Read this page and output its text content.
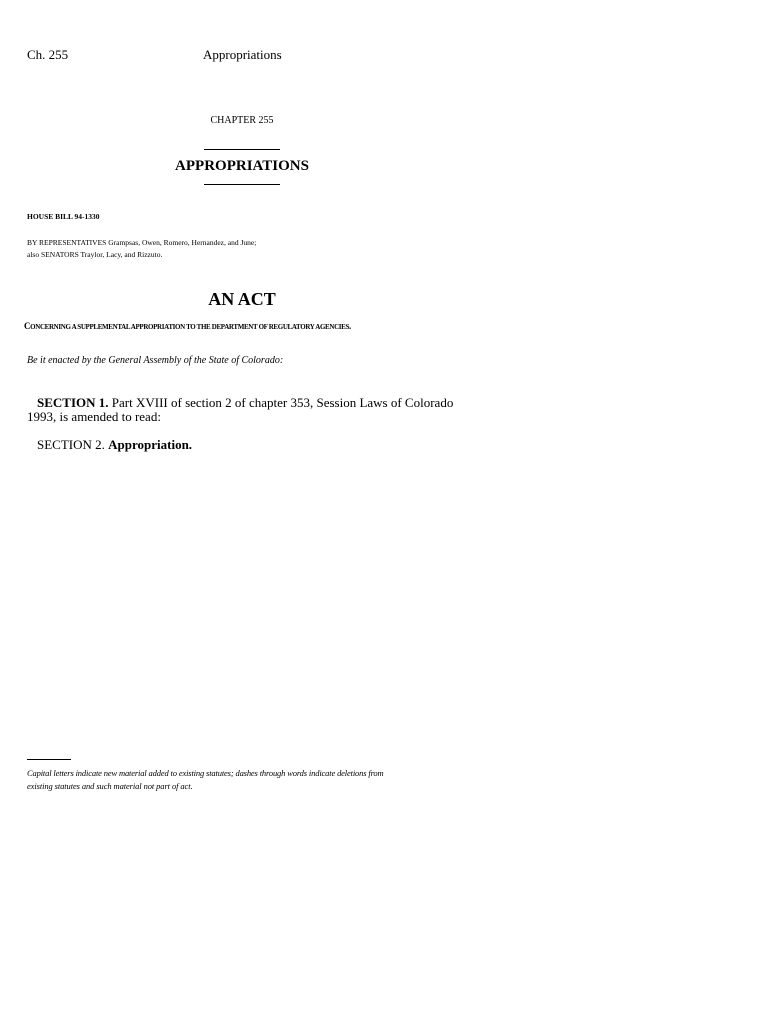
Ch. 255	Appropriations
CHAPTER 255
APPROPRIATIONS
HOUSE BILL 94-1330
BY REPRESENTATIVES Grampsas, Owen, Romero, Hernandez, and June;
also SENATORS Traylor, Lacy, and Rizzuto.
AN ACT
CONCERNING A SUPPLEMENTAL APPROPRIATION TO THE DEPARTMENT OF REGULATORY AGENCIES.
Be it enacted by the General Assembly of the State of Colorado:
SECTION 1. Part XVIII of section 2 of chapter 353, Session Laws of Colorado
1993, is amended to read:
SECTION 2. Appropriation.
Capital letters indicate new material added to existing statutes; dashes through words indicate deletions from
existing statutes and such material not part of act.
